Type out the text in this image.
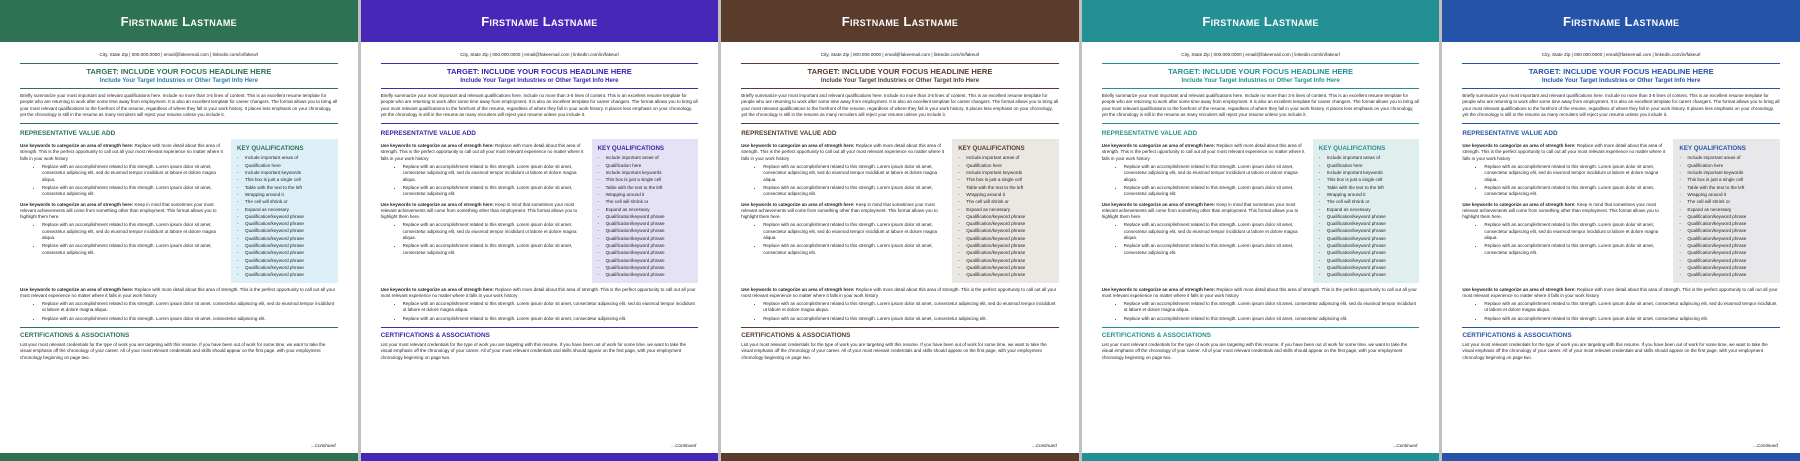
Firstname Lastname
City, State Zip | 000.000.0000 | email@fakeemail.com | linkedin.com/in/fakeurl
TARGET: INCLUDE YOUR FOCUS HEADLINE HERE
Include Your Target Industries or Other Target Info Here
Briefly summarize your most important and relevant qualifications here. Include no more than 3-5 lines of content. This is an excellent resume template for people who are returning to work after some time away from employment. It is also an excellent template for career changers. The format allows you to bring all your most relevant qualifications to the forefront of the resume, regardless of where they fall in your work history. It places less emphasis on your chronology, yet the chronology is still in the resume as many recruiters will reject your resume unless you include it.
REPRESENTATIVE VALUE ADD
Use keywords to categorize an area of strength here: Replace with more detail about this area of strength. This is the perfect opportunity to call out all your most relevant experience no matter where it falls in your work history
• Replace with an accomplishment related to this strength. Lorem ipsum dolor sit amet, consectetur adipiscing elit, sed do eiusmod tempor incididunt ut labore et dolore magna aliqua.
• Replace with an accomplishment related to this strength. Lorem ipsum dolor sit amet, consectetur adipiscing elit.
Use keywords to categorize an area of strength here: Keep in mind that sometimes your most relevant achievements will come from something other than employment. This format allows you to highlight them here.
• Replace with an accomplishment related to this strength. Lorem ipsum dolor sit amet, consectetur adipiscing elit, sed do eiusmod tempor incididunt ut labore et dolore magna aliqua.
• Replace with an accomplishment related to this strength. Lorem ipsum dolor sit amet, consectetur adipiscing elit.
KEY QUALIFICATIONS
- Include important areas of
- Qualification here
- Include important keywords
- This box is just a single cell
- Table with the text to the left
- Wrapping around it
- The cell will shrink or
- Expand as necessary
- Qualification/keyword phrase
- Qualification/keyword phrase
- Qualification/keyword phrase
- Qualification/keyword phrase
- Qualification/keyword phrase
- Qualification/keyword phrase
- Qualification/keyword phrase
- Qualification/keyword phrase
- Qualification/keyword phrase
Use keywords to categorize an area of strength here: Replace with more detail about this area of strength. This is the perfect opportunity to call out all your most relevant experience no matter where it falls in your work history
• Replace with an accomplishment related to this strength. Lorem ipsum dolor sit amet, consectetur adipiscing elit, sed do eiusmod tempor incididunt ut labore et dolore magna aliqua.
• Replace with an accomplishment related to this strength. Lorem ipsum dolor sit amet, consectetur adipiscing elit.
CERTIFICATIONS & ASSOCIATIONS
List your most relevant credentials for the type of work you are targeting with this resume. If you have been out of work for some time, we want to take the visual emphasis off the chronology of your career. All of your most relevant credentials and skills should appear on the first page, with your employment chronology beginning on page two.
...Continued
Firstname Lastname
City, State Zip | 000.000.0000 | email@fakeemail.com | linkedin.com/in/fakeurl
TARGET: INCLUDE YOUR FOCUS HEADLINE HERE
Include Your Target Industries or Other Target Info Here
Briefly summarize your most important and relevant qualifications here. Include no more than 3-5 lines of content. This is an excellent resume template for people who are returning to work after some time away from employment. It is also an excellent template for career changers. The format allows you to bring all your most relevant qualifications to the forefront of the resume, regardless of where they fall in your work history. It places less emphasis on your chronology, yet the chronology is still in the resume as many recruiters will reject your resume unless you include it.
REPRESENTATIVE VALUE ADD
Use keywords to categorize an area of strength here: Replace with more detail about this area of strength. This is the perfect opportunity to call out all your most relevant experience no matter where it falls in your work history
• Replace with an accomplishment related to this strength. Lorem ipsum dolor sit amet, consectetur adipiscing elit, sed do eiusmod tempor incididunt ut labore et dolore magna aliqua.
• Replace with an accomplishment related to this strength. Lorem ipsum dolor sit amet, consectetur adipiscing elit.
Use keywords to categorize an area of strength here: Keep in mind that sometimes your most relevant achievements will come from something other than employment. This format allows you to highlight them here.
• Replace with an accomplishment related to this strength. Lorem ipsum dolor sit amet, consectetur adipiscing elit, sed do eiusmod tempor incididunt ut labore et dolore magna aliqua.
• Replace with an accomplishment related to this strength. Lorem ipsum dolor sit amet, consectetur adipiscing elit.
KEY QUALIFICATIONS
- Include important areas of
- Qualification here
- Include important keywords
- This box is just a single cell
- Table with the text to the left
- Wrapping around it
- The cell will shrink or
- Expand as necessary
- Qualification/keyword phrase
- Qualification/keyword phrase
- Qualification/keyword phrase
- Qualification/keyword phrase
- Qualification/keyword phrase
- Qualification/keyword phrase
- Qualification/keyword phrase
- Qualification/keyword phrase
- Qualification/keyword phrase
Use keywords to categorize an area of strength here: Replace with more detail about this area of strength. This is the perfect opportunity to call out all your most relevant experience no matter where it falls in your work history
• Replace with an accomplishment related to this strength. Lorem ipsum dolor sit amet, consectetur adipiscing elit, sed do eiusmod tempor incididunt ut labore et dolore magna aliqua.
• Replace with an accomplishment related to this strength. Lorem ipsum dolor sit amet, consectetur adipiscing elit.
CERTIFICATIONS & ASSOCIATIONS
List your most relevant credentials for the type of work you are targeting with this resume. If you have been out of work for some time, we want to take the visual emphasis off the chronology of your career. All of your most relevant credentials and skills should appear on the first page, with your employment chronology beginning on page two.
...Continued
Firstname Lastname
City, State Zip | 000.000.0000 | email@fakeemail.com | linkedin.com/in/fakeurl
TARGET: INCLUDE YOUR FOCUS HEADLINE HERE
Include Your Target Industries or Other Target Info Here
Briefly summarize your most important and relevant qualifications here. Include no more than 3-5 lines of content. This is an excellent resume template for people who are returning to work after some time away from employment. It is also an excellent template for career changers. The format allows you to bring all your most relevant qualifications to the forefront of the resume, regardless of where they fall in your work history. It places less emphasis on your chronology, yet the chronology is still in the resume as many recruiters will reject your resume unless you include it.
REPRESENTATIVE VALUE ADD
Use keywords to categorize an area of strength here: Replace with more detail about this area of strength. This is the perfect opportunity to call out all your most relevant experience no matter where it falls in your work history
• Replace with an accomplishment related to this strength. Lorem ipsum dolor sit amet, consectetur adipiscing elit, sed do eiusmod tempor incididunt ut labore et dolore magna aliqua.
• Replace with an accomplishment related to this strength. Lorem ipsum dolor sit amet, consectetur adipiscing elit.
Use keywords to categorize an area of strength here: Keep in mind that sometimes your most relevant achievements will come from something other than employment. This format allows you to highlight them here.
• Replace with an accomplishment related to this strength. Lorem ipsum dolor sit amet, consectetur adipiscing elit, sed do eiusmod tempor incididunt ut labore et dolore magna aliqua.
• Replace with an accomplishment related to this strength. Lorem ipsum dolor sit amet, consectetur adipiscing elit.
KEY QUALIFICATIONS
- Include important areas of
- Qualification here
- Include important keywords
- This box is just a single cell
- Table with the text to the left
- Wrapping around it
- The cell will shrink or
- Expand as necessary
- Qualification/keyword phrase
- Qualification/keyword phrase
- Qualification/keyword phrase
- Qualification/keyword phrase
- Qualification/keyword phrase
- Qualification/keyword phrase
- Qualification/keyword phrase
- Qualification/keyword phrase
- Qualification/keyword phrase
Use keywords to categorize an area of strength here: Replace with more detail about this area of strength. This is the perfect opportunity to call out all your most relevant experience no matter where it falls in your work history
• Replace with an accomplishment related to this strength. Lorem ipsum dolor sit amet, consectetur adipiscing elit, sed do eiusmod tempor incididunt ut labore et dolore magna aliqua.
• Replace with an accomplishment related to this strength. Lorem ipsum dolor sit amet, consectetur adipiscing elit.
CERTIFICATIONS & ASSOCIATIONS
List your most relevant credentials for the type of work you are targeting with this resume. If you have been out of work for some time, we want to take the visual emphasis off the chronology of your career. All of your most relevant credentials and skills should appear on the first page, with your employment chronology beginning on page two.
...Continued
Firstname Lastname
City, State Zip | 000.000.0000 | email@fakeemail.com | linkedin.com/in/fakeurl
TARGET: INCLUDE YOUR FOCUS HEADLINE HERE
Include Your Target Industries or Other Target Info Here
Briefly summarize your most important and relevant qualifications here. Include no more than 3-5 lines of content. This is an excellent resume template for people who are returning to work after some time away from employment. It is also an excellent template for career changers. The format allows you to bring all your most relevant qualifications to the forefront of the resume, regardless of where they fall in your work history. It places less emphasis on your chronology, yet the chronology is still in the resume as many recruiters will reject your resume unless you include it.
REPRESENTATIVE VALUE ADD
Use keywords to categorize an area of strength here: Replace with more detail about this area of strength. This is the perfect opportunity to call out all your most relevant experience no matter where it falls in your work history
• Replace with an accomplishment related to this strength. Lorem ipsum dolor sit amet, consectetur adipiscing elit, sed do eiusmod tempor incididunt ut labore et dolore magna aliqua.
• Replace with an accomplishment related to this strength. Lorem ipsum dolor sit amet, consectetur adipiscing elit.
Use keywords to categorize an area of strength here: Keep in mind that sometimes your most relevant achievements will come from something other than employment. This format allows you to highlight them here.
• Replace with an accomplishment related to this strength. Lorem ipsum dolor sit amet, consectetur adipiscing elit, sed do eiusmod tempor incididunt ut labore et dolore magna aliqua.
• Replace with an accomplishment related to this strength. Lorem ipsum dolor sit amet, consectetur adipiscing elit.
KEY QUALIFICATIONS
- Include important areas of
- Qualification here
- Include important keywords
- This box is just a single cell
- Table with the text to the left
- Wrapping around it
- The cell will shrink or
- Expand as necessary
- Qualification/keyword phrase
- Qualification/keyword phrase
- Qualification/keyword phrase
- Qualification/keyword phrase
- Qualification/keyword phrase
- Qualification/keyword phrase
- Qualification/keyword phrase
- Qualification/keyword phrase
- Qualification/keyword phrase
Use keywords to categorize an area of strength here: Replace with more detail about this area of strength. This is the perfect opportunity to call out all your most relevant experience no matter where it falls in your work history
• Replace with an accomplishment related to this strength. Lorem ipsum dolor sit amet, consectetur adipiscing elit, sed do eiusmod tempor incididunt ut labore et dolore magna aliqua.
• Replace with an accomplishment related to this strength. Lorem ipsum dolor sit amet, consectetur adipiscing elit.
CERTIFICATIONS & ASSOCIATIONS
List your most relevant credentials for the type of work you are targeting with this resume. If you have been out of work for some time, we want to take the visual emphasis off the chronology of your career. All of your most relevant credentials and skills should appear on the first page, with your employment chronology beginning on page two.
...Continued
Firstname Lastname
City, State Zip | 000.000.0000 | email@fakeemail.com | linkedin.com/in/fakeurl
TARGET: INCLUDE YOUR FOCUS HEADLINE HERE
Include Your Target Industries or Other Target Info Here
Briefly summarize your most important and relevant qualifications here. Include no more than 3-5 lines of content. This is an excellent resume template for people who are returning to work after some time away from employment. It is also an excellent template for career changers. The format allows you to bring all your most relevant qualifications to the forefront of the resume, regardless of where they fall in your work history. It places less emphasis on your chronology, yet the chronology is still in the resume as many recruiters will reject your resume unless you include it.
REPRESENTATIVE VALUE ADD
Use keywords to categorize an area of strength here: Replace with more detail about this area of strength. This is the perfect opportunity to call out all your most relevant experience no matter where it falls in your work history
• Replace with an accomplishment related to this strength. Lorem ipsum dolor sit amet, consectetur adipiscing elit, sed do eiusmod tempor incididunt ut labore et dolore magna aliqua.
• Replace with an accomplishment related to this strength. Lorem ipsum dolor sit amet, consectetur adipiscing elit.
Use keywords to categorize an area of strength here: Keep in mind that sometimes your most relevant achievements will come from something other than employment. This format allows you to highlight them here.
• Replace with an accomplishment related to this strength. Lorem ipsum dolor sit amet, consectetur adipiscing elit, sed do eiusmod tempor incididunt ut labore et dolore magna aliqua.
• Replace with an accomplishment related to this strength. Lorem ipsum dolor sit amet, consectetur adipiscing elit.
KEY QUALIFICATIONS
- Include important areas of
- Qualification here
- Include important keywords
- This box is just a single cell
- Table with the text to the left
- Wrapping around it
- The cell will shrink or
- Expand as necessary
- Qualification/keyword phrase
- Qualification/keyword phrase
- Qualification/keyword phrase
- Qualification/keyword phrase
- Qualification/keyword phrase
- Qualification/keyword phrase
- Qualification/keyword phrase
- Qualification/keyword phrase
- Qualification/keyword phrase
Use keywords to categorize an area of strength here: Replace with more detail about this area of strength. This is the perfect opportunity to call out all your most relevant experience no matter where it falls in your work history
• Replace with an accomplishment related to this strength. Lorem ipsum dolor sit amet, consectetur adipiscing elit, sed do eiusmod tempor incididunt ut labore et dolore magna aliqua.
• Replace with an accomplishment related to this strength. Lorem ipsum dolor sit amet, consectetur adipiscing elit.
CERTIFICATIONS & ASSOCIATIONS
List your most relevant credentials for the type of work you are targeting with this resume. If you have been out of work for some time, we want to take the visual emphasis off the chronology of your career. All of your most relevant credentials and skills should appear on the first page, with your employment chronology beginning on page two.
...Continued
